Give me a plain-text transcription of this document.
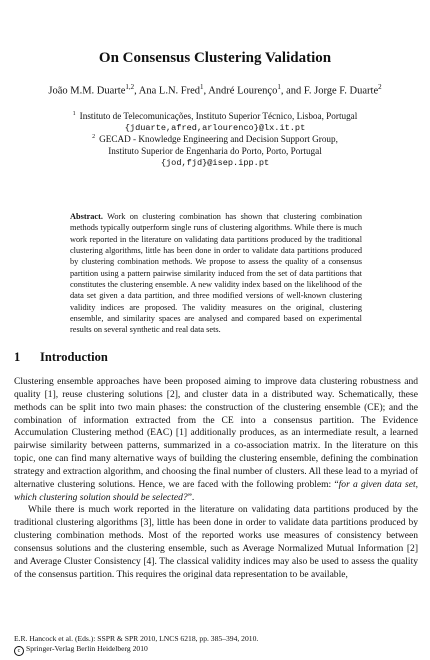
On Consensus Clustering Validation
João M.M. Duarte$^{1,2}$, Ana L.N. Fred$^1$, André Lourenço$^1$, and F. Jorge F. Duarte$^2$
$^1$ Instituto de Telecomunicações, Instituto Superior Técnico, Lisboa, Portugal
{jduarte,afred,arlourenco}@lx.it.pt
$^2$ GECAD - Knowledge Engineering and Decision Support Group,
Instituto Superior de Engenharia do Porto, Porto, Portugal
{jod,fjd}@isep.ipp.pt
Abstract. Work on clustering combination has shown that clustering combination methods typically outperform single runs of clustering algorithms. While there is much work reported in the literature on validating data partitions produced by the traditional clustering algorithms, little has been done in order to validate data partitions produced by clustering combination methods. We propose to assess the quality of a consensus partition using a pattern pairwise similarity induced from the set of data partitions that constitutes the clustering ensemble. A new validity index based on the likelihood of the data set given a data partition, and three modified versions of well-known clustering validity indices are proposed. The validity measures on the original, clustering ensemble, and similarity spaces are analysed and compared based on experimental results on several synthetic and real data sets.
1 Introduction

Clustering ensemble approaches have been proposed aiming to improve data clustering robustness and quality [1], reuse clustering solutions [2], and cluster data in a distributed way. Schematically, these methods can be split into two main phases: the construction of the clustering ensemble (CE); and the combination of information extracted from the CE into a consensus partition. The Evidence Accumulation Clustering method (EAC) [1] additionally produces, as an intermediate result, a learned pairwise similarity between patterns, summarized in a co-association matrix. In the literature on this topic, one can find many alternative ways of building the clustering ensemble, defining the combination strategy and extraction algorithm, and choosing the final number of clusters. All these lead to a myriad of alternative clustering solutions. Hence, we are faced with the following problem: “for a given data set, which clustering solution should be selected?”.

While there is much work reported in the literature on validating data partitions produced by the traditional clustering algorithms [3], little has been done in order to validate data partitions produced by clustering combination methods. Most of the reported works use measures of consistency between consensus solutions and the clustering ensemble, such as Average Normalized Mutual Information [2] and Average Cluster Consistency [4]. The classical validity indices may also be used to assess the quality of the consensus partition. This requires the original data representation to be available,

E.R. Hancock et al. (Eds.): SSPR & SPR 2010, LNCS 6218, pp. 385–394, 2010.
c Springer-Verlag Berlin Heidelberg 2010
